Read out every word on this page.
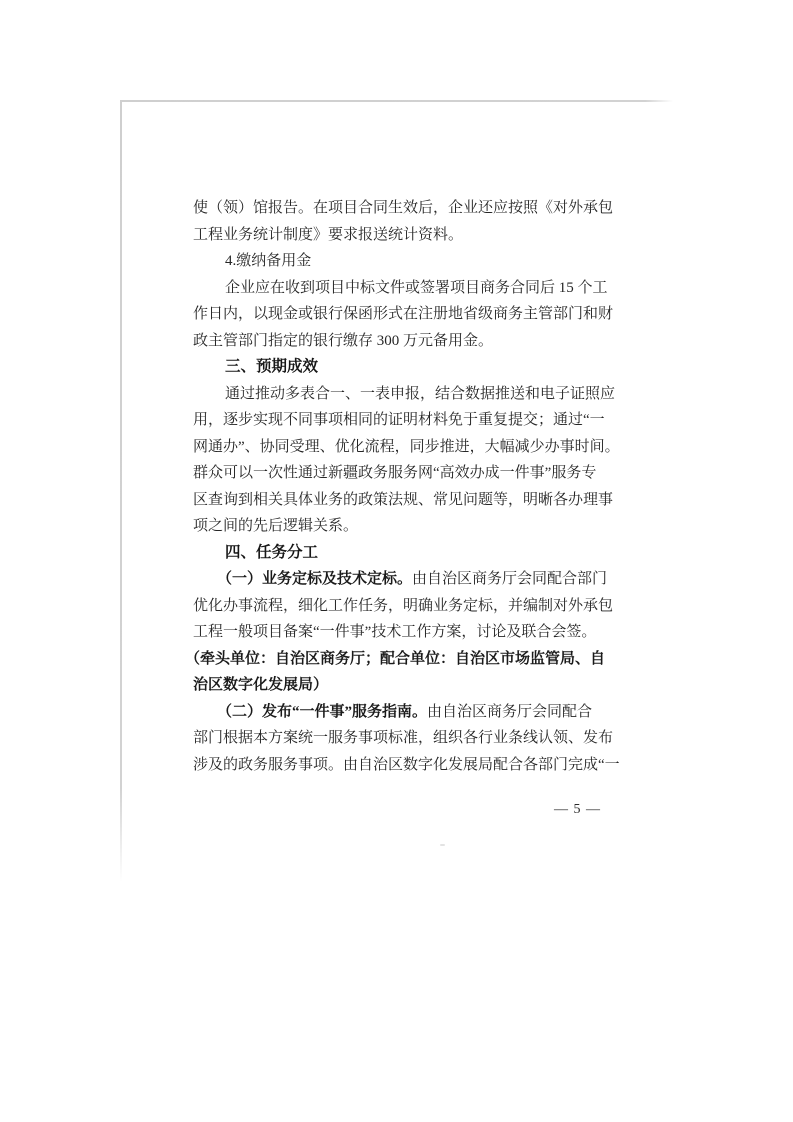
使（领）馆报告。在项目合同生效后，企业还应按照《对外承包
工程业务统计制度》要求报送统计资料。
4.缴纳备用金
企业应在收到项目中标文件或签署项目商务合同后 15 个工
作日内，以现金或银行保函形式在注册地省级商务主管部门和财
政主管部门指定的银行缴存 300 万元备用金。
三、预期成效
通过推动多表合一、一表申报，结合数据推送和电子证照应
用，逐步实现不同事项相同的证明材料免于重复提交；通过“一
网通办”、协同受理、优化流程，同步推进，大幅减少办事时间。
群众可以一次性通过新疆政务服务网“高效办成一件事”服务专
区查询到相关具体业务的政策法规、常见问题等，明晰各办理事
项之间的先后逻辑关系。
四、任务分工
（一）业务定标及技术定标。由自治区商务厅会同配合部门
优化办事流程，细化工作任务，明确业务定标，并编制对外承包
工程一般项目备案“一件事”技术工作方案，讨论及联合会签。
（牵头单位：自治区商务厅；配合单位：自治区市场监管局、自
治区数字化发展局）
（二）发布“一件事”服务指南。由自治区商务厅会同配合
部门根据本方案统一服务事项标准，组织各行业条线认领、发布
涉及的政务服务事项。由自治区数字化发展局配合各部门完成“一
— 5 —
